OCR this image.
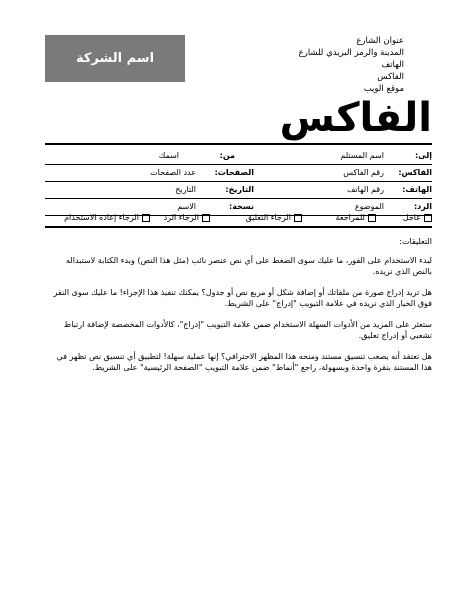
اسم الشركة
عنوان الشارع
المدينة والرمز البريدي للشارع
الهاتف
الفاكس
موقع الويب
الفاكس
إلى:
اسم المستلم
من:
اسمك
الفاكس:
رقم الفاكس
الصفحات:
عدد الصفحات
الهاتف:
رقم الهاتف
التاريخ:
التاريخ
الرد:
الموضوع
نسخة:
الاسم
عاجل
للمراجعة
الرجاء التعليق
الرجاء الرد
الرجاء إعادة الاستخدام

التعليقات:

لبدء الاستخدام على الفور، ما عليك سوى الضغط على أي نص عنصر نائب (مثل هذا النص) وبدء الكتابة لاستبداله بالنص الذي تريده.

هل تريد إدراج صورة من ملفاتك أو إضافة شكل أو مربع نص أو جدول؟ يمكنك تنفيذ هذا الإجراء! ما عليك سوى النقر فوق الخيار الذي تريده في علامة التبويب "إدراج" على الشريط.

ستعثر على المزيد من الأدوات السهلة الاستخدام ضمن علامة التبويب "إدراج"، كالأدوات المخصصة لإضافة ارتباط تشعبي أو إدراج تعليق.

هل تعتقد أنه يصعب تنسيق مستند ومنحه هذا المظهر الاحترافي؟ إنها عملية سهلة! لتطبيق أي تنسيق نص تظهر في هذا المستند بنقرة واحدة وبسهولة، راجع "أنماط" ضمن علامة التبويب "الصفحة الرئيسية" على الشريط.
